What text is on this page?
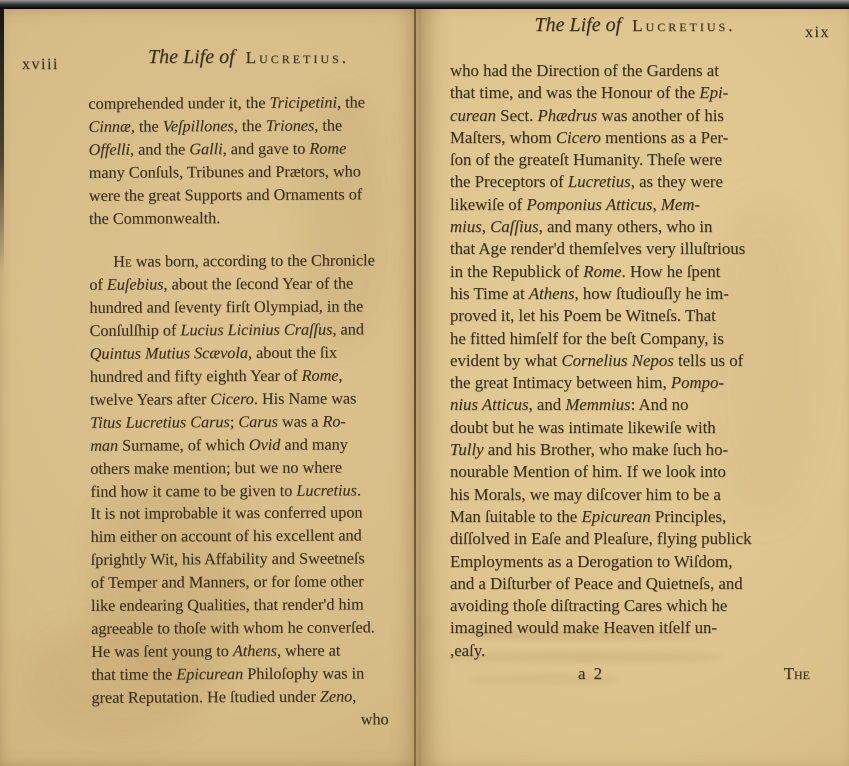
xviii	The Life of Lucretius.
comprehended under it, the Tricipetini, the
Cinnæ, the Veſpillones, the Triones, the
Offelli, and the Galli, and gave to Rome
many Conſuls, Tribunes and Prætors, who
were the great Supports and Ornaments of
the Commonwealth.
He was born, according to the Chronicle
of Euſebius, about the ſecond Year of the
hundred and ſeventy firſt Olympiad, in the
Conſulſhip of Lucius Licinius Craſſus, and
Quintus Mutius Scævola, about the ſix
hundred and fifty eighth Year of Rome,
twelve Years after Cicero. His Name was
Titus Lucretius Carus; Carus was a Ro-
man Surname, of which Ovid and many
others make mention; but we no where
find how it came to be given to Lucretius.
It is not improbable it was conferred upon
him either on account of his excellent and
ſprightly Wit, his Affability and Sweetneſs
of Temper and Manners, or for ſome other
like endearing Qualities, that render'd him
agreeable to thoſe with whom he converſed.
He was ſent young to Athens, where at
that time the Epicurean Philoſophy was in
great Reputation. He ſtudied under Zeno,
who
xix
The Life of Lucretius.
who had the Direction of the Gardens at
that time, and was the Honour of the Epi-
curean Sect. Phædrus was another of his
Maſters, whom Cicero mentions as a Per-
ſon of the greateſt Humanity. Theſe were
the Preceptors of Lucretius, as they were
likewiſe of Pomponius Atticus, Mem-
mius, Caſſius, and many others, who in
that Age render'd themſelves very illuſtrious
in the Republick of Rome. How he ſpent
his Time at Athens, how ſtudiouſly he im-
proved it, let his Poem be Witneſs. That
he fitted himſelf for the beſt Company, is
evident by what Cornelius Nepos tells us of
the great Intimacy between him, Pompo-
nius Atticus, and Memmius: And no
doubt but he was intimate likewiſe with
Tully and his Brother, who make ſuch ho-
nourable Mention of him. If we look into
his Morals, we may diſcover him to be a
Man ſuitable to the Epicurean Principles,
diſſolved in Eaſe and Pleaſure, flying publick
Employments as a Derogation to Wiſdom,
and a Diſturber of Peace and Quietneſs, and
avoiding thoſe diſtracting Cares which he
imagined would make Heaven itſelf un-
,eaſy.
a 2	The
